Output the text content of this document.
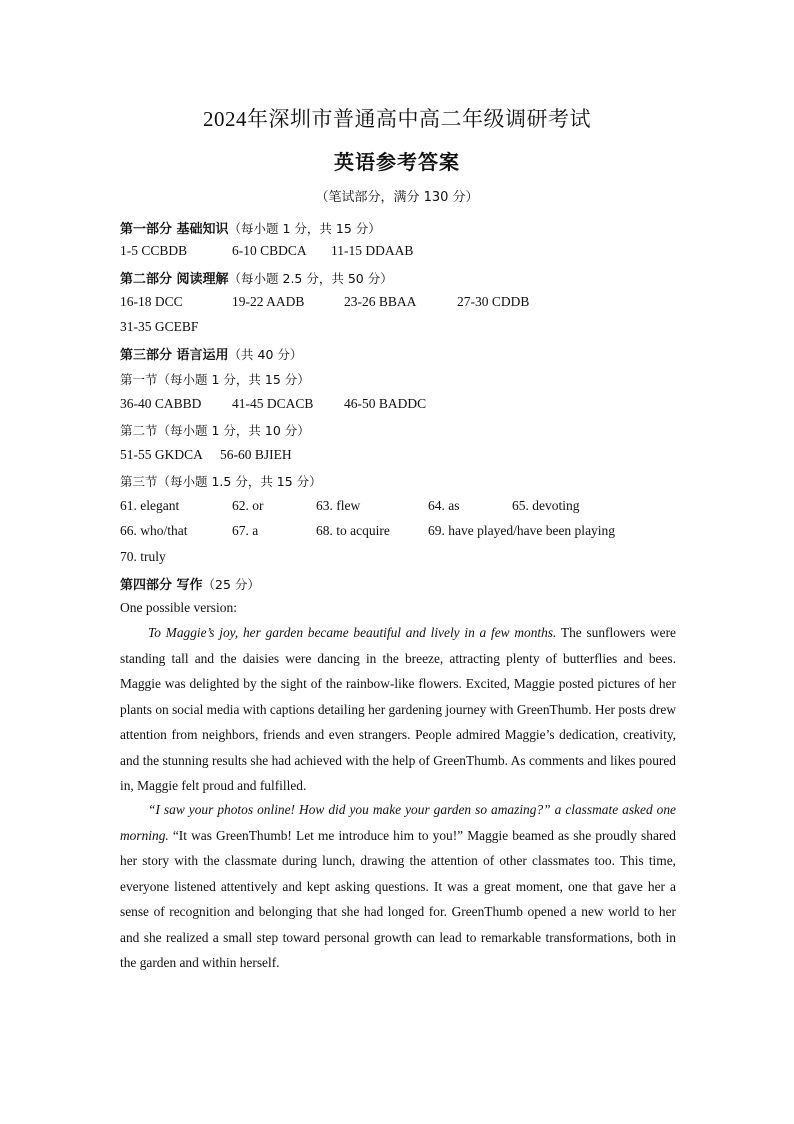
2024年深圳市普通高中高二年级调研考试
英语参考答案
（笔试部分，满分 130 分）
第一部分 基础知识（每小题 1 分，共 15 分）
1-5 CCBDB	6-10 CBDCA 11-15 DDAAB
第二部分 阅读理解（每小题 2.5 分，共 50 分）
16-18 DCC	19-22 AADB	23-26 BBAA	27-30 CDDB
31-35 GCEBF
第三部分 语言运用（共 40 分）
第一节（每小题 1 分，共 15 分）
36-40 CABBD 41-45 DCACB 46-50 BADDC
第二节（每小题 1 分，共 10 分）
51-55 GKDCA 56-60 BJIEH
第三节（每小题 1.5 分，共 15 分）
61. elegant	62. or	63. flew	64. as	65. devoting
66. who/that	67. a	68. to acquire	69. have played/have been playing
70. truly
第四部分 写作（25 分）
One possible version:

To Maggie’s joy, her garden became beautiful and lively in a few months. The sunflowers were standing tall and the daisies were dancing in the breeze, attracting plenty of butterflies and bees. Maggie was delighted by the sight of the rainbow-like flowers. Excited, Maggie posted pictures of her plants on social media with captions detailing her gardening journey with GreenThumb. Her posts drew attention from neighbors, friends and even strangers. People admired Maggie’s dedication, creativity, and the stunning results she had achieved with the help of GreenThumb. As comments and likes poured in, Maggie felt proud and fulfilled.

“I saw your photos online! How did you make your garden so amazing?” a classmate asked one morning. “It was GreenThumb! Let me introduce him to you!” Maggie beamed as she proudly shared her story with the classmate during lunch, drawing the attention of other classmates too. This time, everyone listened attentively and kept asking questions. It was a great moment, one that gave her a sense of recognition and belonging that she had longed for. GreenThumb opened a new world to her and she realized a small step toward personal growth can lead to remarkable transformations, both in the garden and within herself.
